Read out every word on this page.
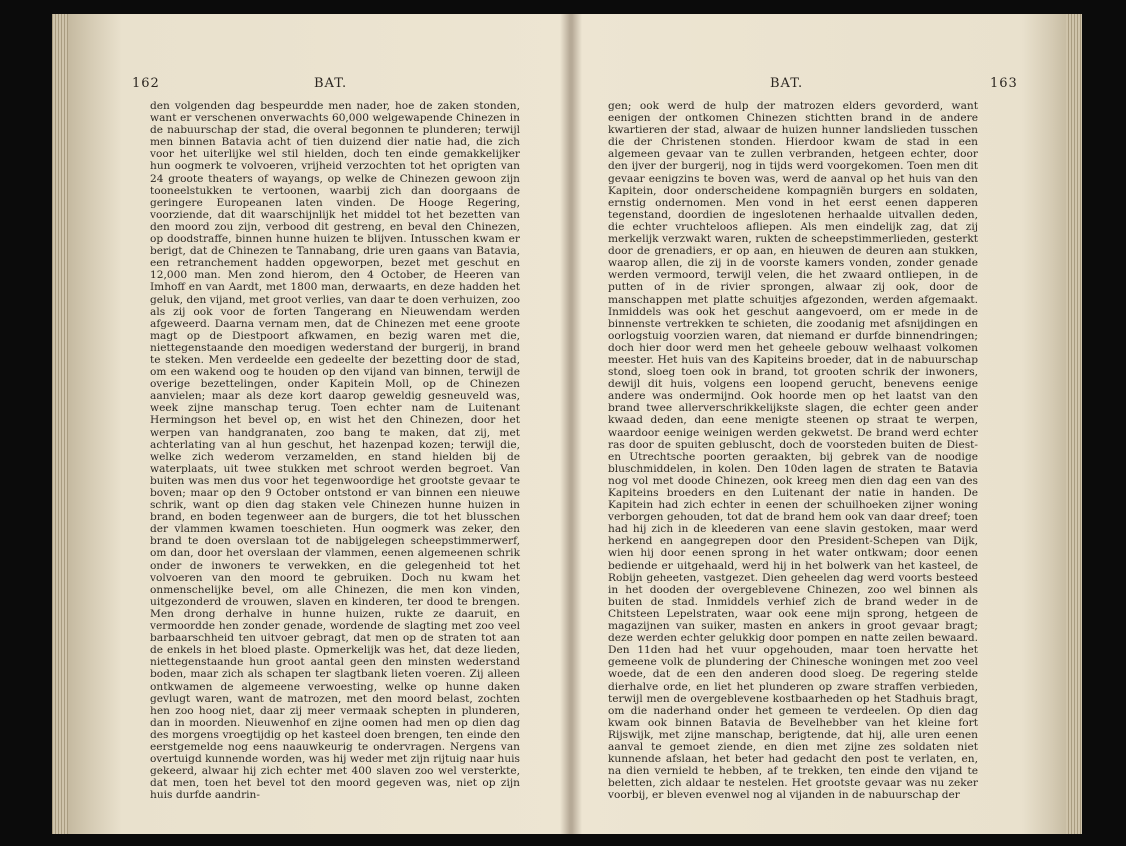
162	BAT.

den volgenden dag bespeurdde men nader, hoe de zaken stonden, want er verschenen onverwachts 60,000 welgewapende Chinezen in de nabuurschap der stad, die overal begonnen te plunderen; terwijl men binnen Batavia acht of tien duizend dier natie had, die zich voor het uiterlijke wel stil hielden, doch ten einde gemakkelijker hun oogmerk te volvoeren, vrijheid verzochten tot het oprigten van 24 groote theaters of wayangs, op welke de Chinezen gewoon zijn tooneelstukken te vertoonen, waarbij zich dan doorgaans de geringere Europeanen laten vinden. De Hooge Regering, voorziende, dat dit waarschijnlijk het middel tot het bezetten van den moord zou zijn, verbood dit gestreng, en beval den Chinezen, op doodstraffe, binnen hunne huizen te blijven. Intusschen kwam er berigt, dat de Chinezen te Tannabang, drie uren gaans van Batavia, een retranchement hadden opgeworpen, bezet met geschut en 12,000 man. Men zond hierom, den 4 October, de Heeren van Imhoff en van Aardt, met 1800 man, derwaarts, en deze hadden het geluk, den vijand, met groot verlies, van daar te doen verhuizen, zoo als zij ook voor de forten Tangerang en Nieuwendam werden afgeweerd. Daarna vernam men, dat de Chinezen met eene groote magt op de Diestpoort afkwamen, en bezig waren met die, niettegenstaande den moedigen wederstand der burgerij, in brand te steken. Men verdeelde een gedeelte der bezetting door de stad, om een wakend oog te houden op den vijand van binnen, terwijl de overige bezettelingen, onder Kapitein Moll, op de Chinezen aanvielen; maar als deze kort daarop geweldig gesneuveld was, week zijne manschap terug. Toen echter nam de Luitenant Hermingson het bevel op, en wist het den Chinezen, door het werpen van handgranaten, zoo bang te maken, dat zij, met achterlating van al hun geschut, het hazenpad kozen; terwijl die, welke zich wederom verzamelden, en stand hielden bij de waterplaats, uit twee stukken met schroot werden begroet. Van buiten was men dus voor het tegenwoordige het grootste gevaar te boven; maar op den 9 October ontstond er van binnen een nieuwe schrik, want op dien dag staken vele Chinezen hunne huizen in brand, en boden tegenweer aan de burgers, die tot het blusschen der vlammen kwamen toeschieten. Hun oogmerk was zeker, den brand te doen overslaan tot de nabijgelegen scheepstimmerwerf, om dan, door het overslaan der vlammen, eenen algemeenen schrik onder de inwoners te verwekken, en die gelegenheid tot het volvoeren van den moord te gebruiken. Doch nu kwam het onmenschelijke bevel, om alle Chinezen, die men kon vinden, uitgezonderd de vrouwen, slaven en kinderen, ter dood te brengen. Men drong derhalve in hunne huizen, rukte ze daaruit, en vermoordde hen zonder genade, wordende de slagting met zoo veel barbaarschheid ten uitvoer gebragt, dat men op de straten tot aan de enkels in het bloed plaste. Opmerkelijk was het, dat deze lieden, niettegenstaande hun groot aantal geen den minsten wederstand boden, maar zich als schapen ter slagtbank lieten voeren. Zij alleen ontkwamen de algemeene verwoesting, welke op hunne daken gevlugt waren, want de matrozen, met den moord belast, zochten hen zoo hoog niet, daar zij meer vermaak schepten in plunderen, dan in moorden. Nieuwenhof en zijne oomen had men op dien dag des morgens vroegtijdig op het kasteel doen brengen, ten einde den eerstgemelde nog eens naauwkeurig te ondervragen. Nergens van overtuigd kunnende worden, was hij weder met zijn rijtuig naar huis gekeerd, alwaar hij zich echter met 400 slaven zoo wel versterkte, dat men, toen het bevel tot den moord gegeven was, niet op zijn huis durfde aandrin-

BAT.	163

gen; ook werd de hulp der matrozen elders gevorderd, want eenigen der ontkomen Chinezen stichtten brand in de andere kwartieren der stad, alwaar de huizen hunner landslieden tusschen die der Christenen stonden. Hierdoor kwam de stad in een algemeen gevaar van te zullen verbranden, hetgeen echter, door den ijver der burgerij, nog in tijds werd voorgekomen. Toen men dit gevaar eenigzins te boven was, werd de aanval op het huis van den Kapitein, door onderscheidene kompagniën burgers en soldaten, ernstig ondernomen. Men vond in het eerst eenen dapperen tegenstand, doordien de ingeslotenen herhaalde uitvallen deden, die echter vruchteloos afliepen. Als men eindelijk zag, dat zij merkelijk verzwakt waren, rukten de scheepstimmerlieden, gesterkt door de grenadiers, er op aan, en hieuwen de deuren aan stukken, waarop allen, die zij in de voorste kamers vonden, zonder genade werden vermoord, terwijl velen, die het zwaard ontliepen, in de putten of in de rivier sprongen, alwaar zij ook, door de manschappen met platte schuitjes afgezonden, werden afgemaakt. Inmiddels was ook het geschut aangevoerd, om er mede in de binnenste vertrekken te schieten, die zoodanig met afsnijdingen en oorlogstuig voorzien waren, dat niemand er durfde binnendringen; doch hier door werd men het geheele gebouw welhaast volkomen meester. Het huis van des Kapiteins broeder, dat in de nabuurschap stond, sloeg toen ook in brand, tot grooten schrik der inwoners, dewijl dit huis, volgens een loopend gerucht, benevens eenige andere was ondermijnd. Ook hoorde men op het laatst van den brand twee allerverschrikkelijkste slagen, die echter geen ander kwaad deden, dan eene menigte steenen op straat te werpen, waardoor eenige weinigen werden gekwetst. De brand werd echter ras door de spuiten gebluscht, doch de voorsteden buiten de Diest- en Utrechtsche poorten geraakten, bij gebrek van de noodige bluschmiddelen, in kolen. Den 10den lagen de straten te Batavia nog vol met doode Chinezen, ook kreeg men dien dag een van des Kapiteins broeders en den Luitenant der natie in handen. De Kapitein had zich echter in eenen der schuilhoeken zijner woning verborgen gehouden, tot dat de brand hem ook van daar dreef; toen had hij zich in de kleederen van eene slavin gestoken, maar werd herkend en aangegrepen door den President-Schepen van Dijk, wien hij door eenen sprong in het water ontkwam; door eenen bediende er uitgehaald, werd hij in het bolwerk van het kasteel, de Robijn geheeten, vastgezet. Dien geheelen dag werd voorts besteed in het dooden der overgeblevene Chinezen, zoo wel binnen als buiten de stad. Inmiddels verhief zich de brand weder in de Chitsteen Lepelstraten, waar ook eene mijn sprong, hetgeen de magazijnen van suiker, masten en ankers in groot gevaar bragt; deze werden echter gelukkig door pompen en natte zeilen bewaard. Den 11den had het vuur opgehouden, maar toen hervatte het gemeene volk de plundering der Chinesche woningen met zoo veel woede, dat de een den anderen dood sloeg. De regering stelde dierhalve orde, en liet het plunderen op zware straffen verbieden, terwijl men de overgeblevene kostbaarheden op het Stadhuis bragt, om die naderhand onder het gemeen te verdeelen. Op dien dag kwam ook binnen Batavia de Bevelhebber van het kleine fort Rijswijk, met zijne manschap, berigtende, dat hij, alle uren eenen aanval te gemoet ziende, en dien met zijne zes soldaten niet kunnende afslaan, het beter had gedacht den post te verlaten, en, na dien vernield te hebben, af te trekken, ten einde den vijand te beletten, zich aldaar te nestelen. Het grootste gevaar was nu zeker voorbij, er bleven evenwel nog al vijanden in de nabuurschap der
